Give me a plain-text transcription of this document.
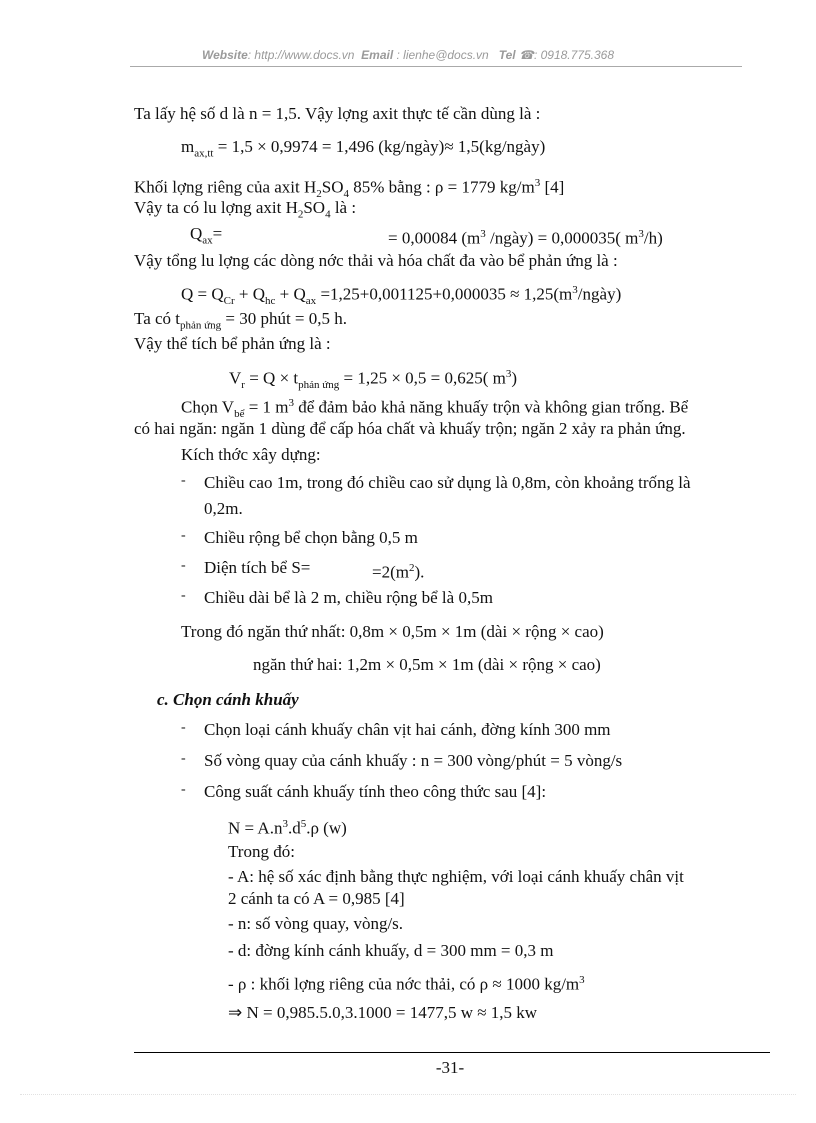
Website: http://www.docs.vn Email : lienhe@docs.vn Tel ☎: 0918.775.368
Ta lấy hệ số d là n = 1,5. Vậy lợng axit thực tế cần dùng là :
$m_{ax,tt} = 1,5 \times 0,9974 = 1,496$ (kg/ngày)≈ 1,5(kg/ngày)
Khối lợng riêng của axit $H_2SO_4$ 85% bằng : ρ = 1779 $kg/m^3$ [4]
Vậy ta có lu lợng axit $H_2SO_4$ là :
$Q_{ax}=$	= 0,00084 ($m^3$ /ngày) = 0,000035( $m^3/h$)
Vậy tổng lu lợng các dòng nớc thải và hóa chất đa vào bể phản ứng là :
$Q = Q_{Cr} + Q_{hc} + Q_{ax} =1,25+0,001125+0,000035$ ≈ $1,25(m^3/ngày)$
Ta có $t_{phản ứng} = 30$ phút = 0,5 h.
Vậy thể tích bể phản ứng là :
$V_r = Q \times t_{phản ứng} = 1,25 \times 0,5 = 0,625$( $m^3$)
Chọn $V_{bể} = 1$ $m^3$ để đảm bảo khả năng khuấy trộn và không gian trống. Bể
có hai ngăn: ngăn 1 dùng để cấp hóa chất và khuấy trộn; ngăn 2 xảy ra phản ứng.
Kích thớc xây dựng:
- Chiều cao 1m, trong đó chiều cao sử dụng là 0,8m, còn khoảng trống là
0,2m.
- Chiều rộng bể chọn bằng 0,5 m
- Diện tích bể S=	$=2(m^2)$.
- Chiều dài bể là 2 m, chiều rộng bể là 0,5m
Trong đó ngăn thứ nhất: 0,8m × 0,5m × 1m (dài × rộng × cao)
ngăn thứ hai: 1,2m × 0,5m × 1m (dài × rộng × cao)
c. Chọn cánh khuấy
- Chọn loại cánh khuấy chân vịt hai cánh, đờng kính 300 mm
- Số vòng quay của cánh khuấy : n = 300 vòng/phút = 5 vòng/s
- Công suất cánh khuấy tính theo công thức sau [4]:
$N = A.n^3.d^5.\rho$ (w)
Trong đó:
- A: hệ số xác định bằng thực nghiệm, với loại cánh khuấy chân vịt
2 cánh ta có A = 0,985 [4]
- n: số vòng quay, vòng/s.
- d: đờng kính cánh khuấy, d = 300 mm = 0,3 m
- ρ : khối lợng riêng của nớc thải, có ρ ≈ 1000 $kg/m^3$
⇒ N = 0,985.5.0,3.1000 = 1477,5 w ≈ 1,5 kw
-31-
